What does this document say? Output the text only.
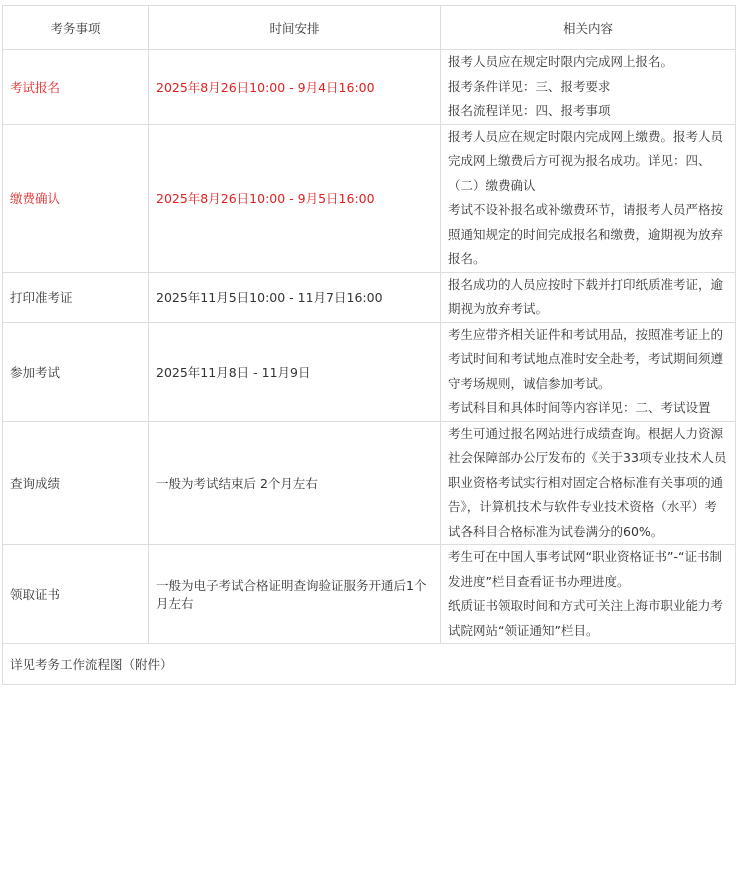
考务事项	时间安排	相关内容
考试报名	2025年8月26日10:00 - 9月4日16:00	报考人员应在规定时限内完成网上报名。
报考条件详见：三、报考要求
报名流程详见：四、报考事项

缴费确认	2025年8月26日10:00 - 9月5日16:00	报考人员应在规定时限内完成网上缴费。报考人员完成网上缴费后方可视为报名成功。详见：四、（二）缴费确认
考试不设补报名或补缴费环节，请报考人员严格按照通知规定的时间完成报名和缴费，逾期视为放弃报名。

打印准考证	2025年11月5日10:00 - 11月7日16:00	报名成功的人员应按时下载并打印纸质准考证，逾期视为放弃考试。

参加考试	2025年11月8日 - 11月9日	考生应带齐相关证件和考试用品，按照准考证上的考试时间和考试地点准时安全赴考，考试期间须遵守考场规则，诚信参加考试。
考试科目和具体时间等内容详见：二、考试设置

查询成绩	一般为考试结束后 2个月左右	考生可通过报名网站进行成绩查询。根据人力资源社会保障部办公厅发布的《关于33项专业技术人员职业资格考试实行相对固定合格标准有关事项的通告》，计算机技术与软件专业技术资格（水平）考试各科目合格标准为试卷满分的60%。

领取证书	一般为电子考试合格证明查询验证服务开通后1个月左右	考生可在中国人事考试网“职业资格证书”-“证书制发进度”栏目查看证书办理进度。
纸质证书领取时间和方式可关注上海市职业能力考试院网站“领证通知”栏目。

详见考务工作流程图（附件）		
